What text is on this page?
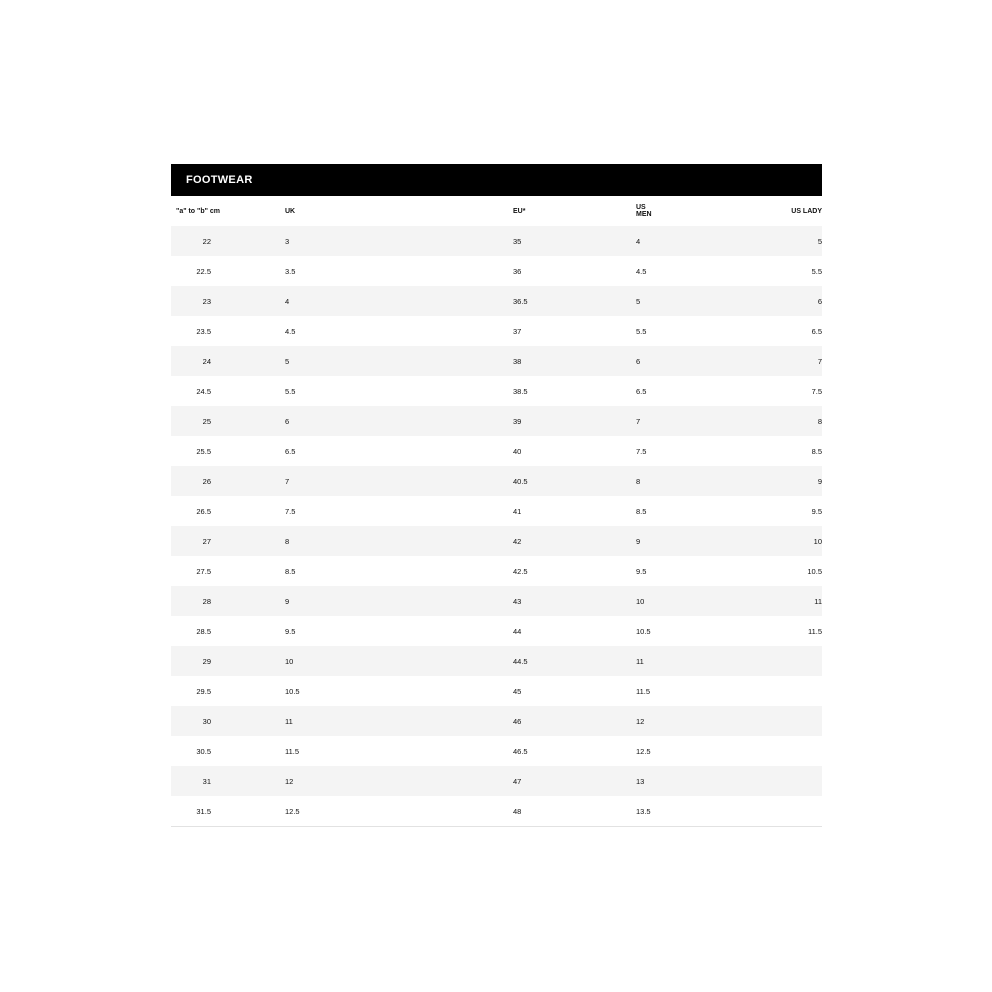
FOOTWEAR
"a" to "b" cm	UK	EU*	US MEN	US LADY
22	3	35	4	5
22.5	3.5	36	4.5	5.5
23	4	36.5	5	6
23.5	4.5	37	5.5	6.5
24	5	38	6	7
24.5	5.5	38.5	6.5	7.5
25	6	39	7	8
25.5	6.5	40	7.5	8.5
26	7	40.5	8	9
26.5	7.5	41	8.5	9.5
27	8	42	9	10
27.5	8.5	42.5	9.5	10.5
28	9	43	10	11
28.5	9.5	44	10.5	11.5
29	10	44.5	11	
29.5	10.5	45	11.5	
30	11	46	12	
30.5	11.5	46.5	12.5	
31	12	47	13	
31.5	12.5	48	13.5	
